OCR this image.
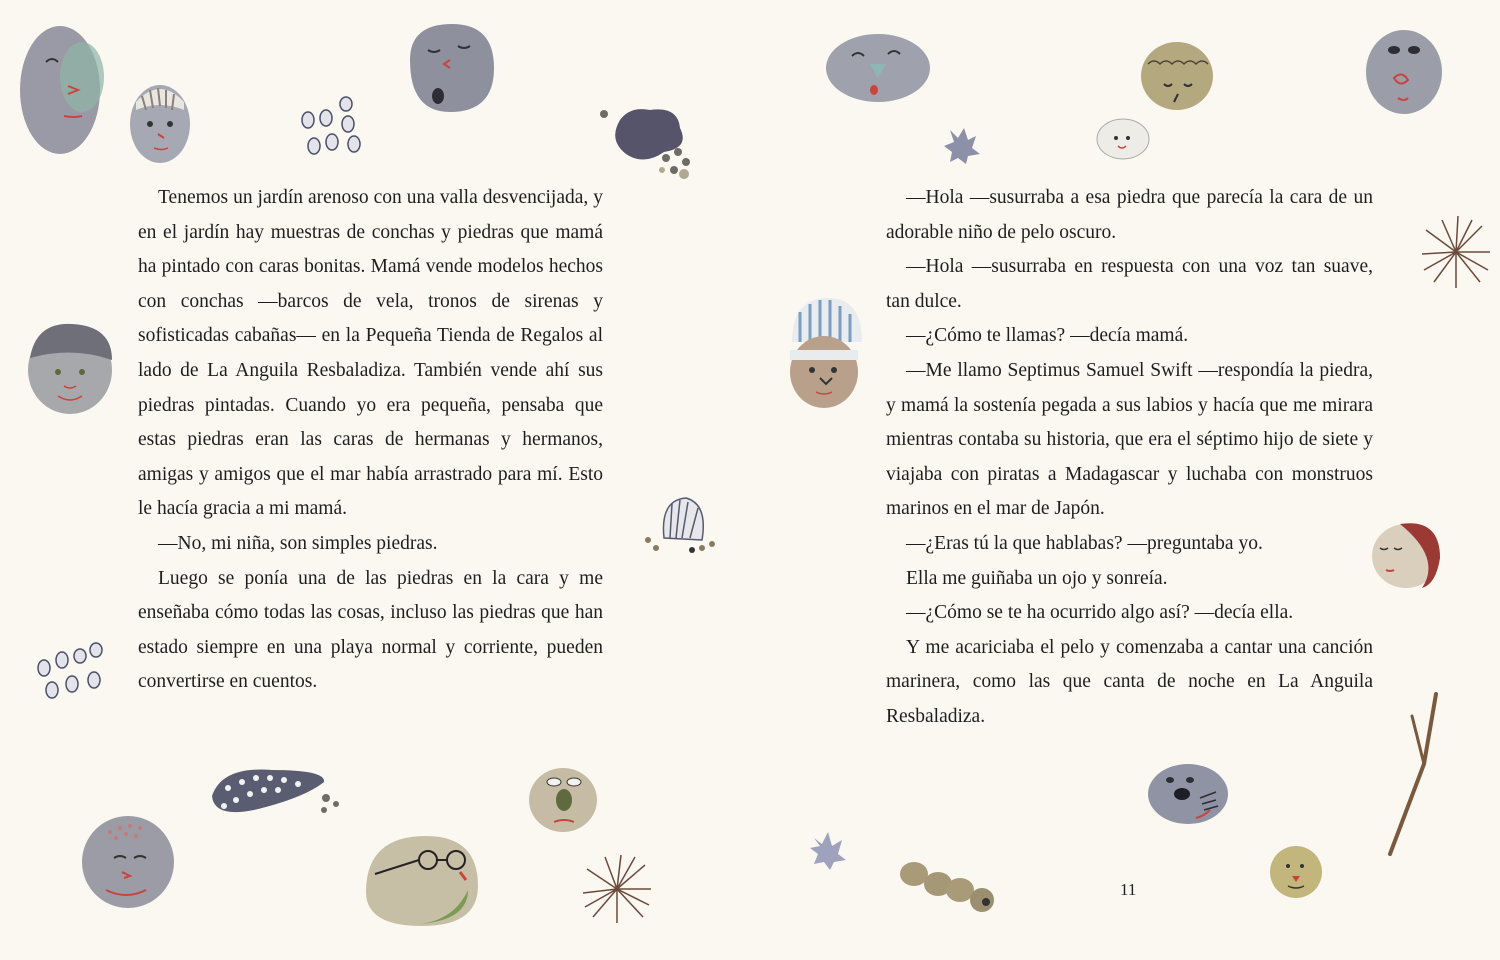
Tenemos un jardín arenoso con una valla desvencijada, y en el jardín hay muestras de conchas y piedras que mamá ha pintado con caras bonitas. Mamá vende modelos hechos con conchas —barcos de vela, tronos de sirenas y sofisticadas cabañas— en la Pequeña Tienda de Regalos al lado de La Anguila Resbaladiza. También vende ahí sus piedras pintadas. Cuando yo era pequeña, pensaba que estas piedras eran las caras de hermanas y hermanos, amigas y amigos que el mar había arrastrado para mí. Esto le hacía gracia a mi mamá.

—No, mi niña, son simples piedras.

Luego se ponía una de las piedras en la cara y me enseñaba cómo todas las cosas, incluso las piedras que han estado siempre en una playa normal y corriente, pueden convertirse en cuentos.

—Hola —susurraba a esa piedra que parecía la cara de un adorable niño de pelo oscuro.

—Hola —susurraba en respuesta con una voz tan suave, tan dulce.

—¿Cómo te llamas? —decía mamá.

—Me llamo Septimus Samuel Swift —respondía la piedra, y mamá la sostenía pegada a sus labios y hacía que me mirara mientras contaba su historia, que era el séptimo hijo de siete y viajaba con piratas a Madagascar y luchaba con monstruos marinos en el mar de Japón.

—¿Eras tú la que hablabas? —preguntaba yo.

Ella me guiñaba un ojo y sonreía.

—¿Cómo se te ha ocurrido algo así? —decía ella.

Y me acariciaba el pelo y comenzaba a cantar una canción marinera, como las que canta de noche en La Anguila Resbaladiza.

11
